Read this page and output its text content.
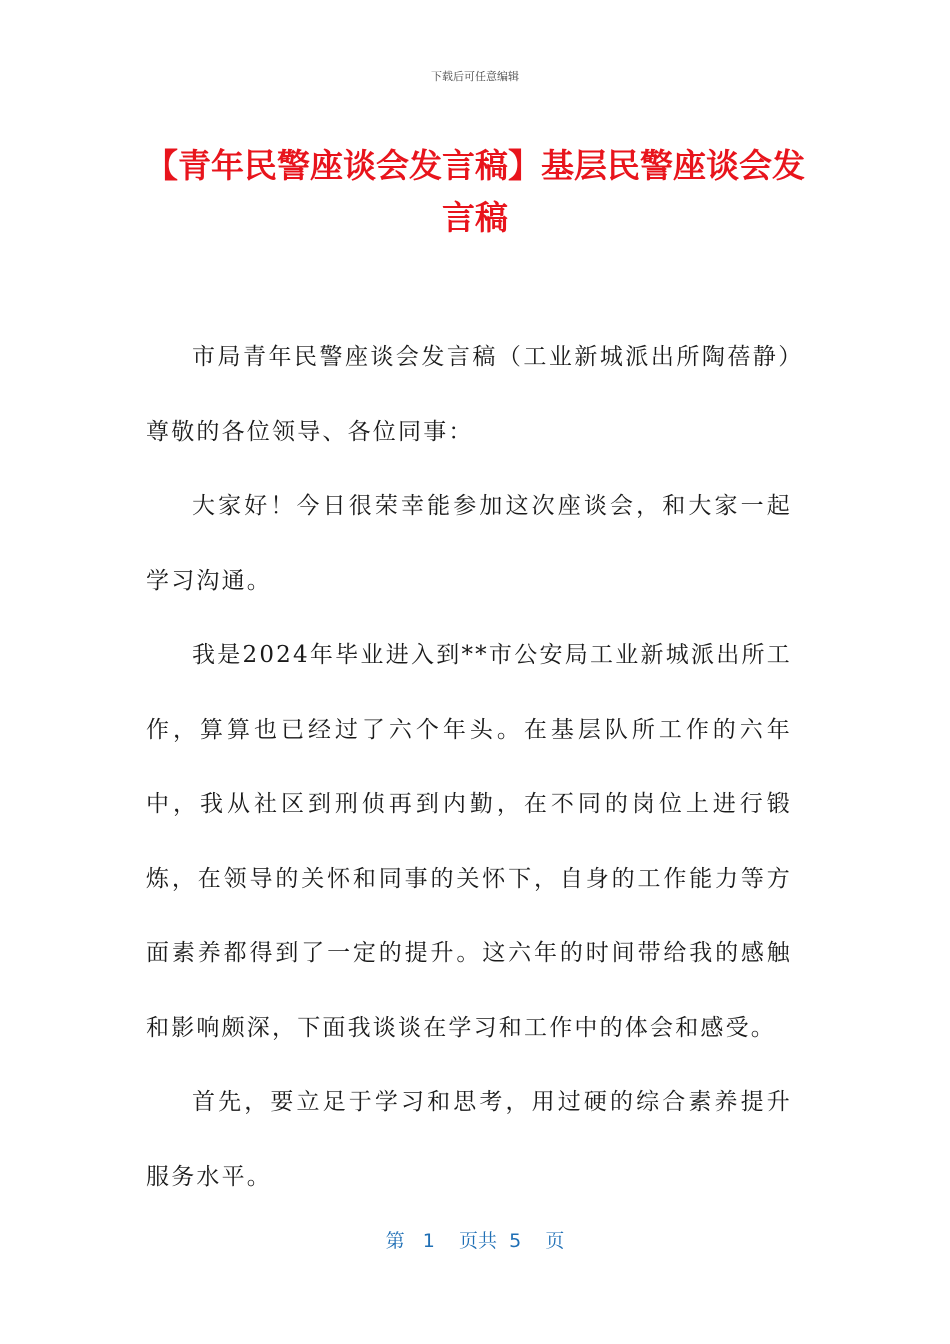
下载后可任意编辑
【青年民警座谈会发言稿】基层民警座谈会发言稿

市局青年民警座谈会发言稿（工业新城派出所陶蓓静）尊敬的各位领导、各位同事：

大家好！今日很荣幸能参加这次座谈会，和大家一起学习沟通。

我是2024年毕业进入到**市公安局工业新城派出所工作，算算也已经过了六个年头。在基层队所工作的六年中，我从社区到刑侦再到内勤，在不同的岗位上进行锻炼，在领导的关怀和同事的关怀下，自身的工作能力等方面素养都得到了一定的提升。这六年的时间带给我的感触和影响颇深，下面我谈谈在学习和工作中的体会和感受。

首先，要立足于学习和思考，用过硬的综合素养提升服务水平。

第 1 页共 5 页
